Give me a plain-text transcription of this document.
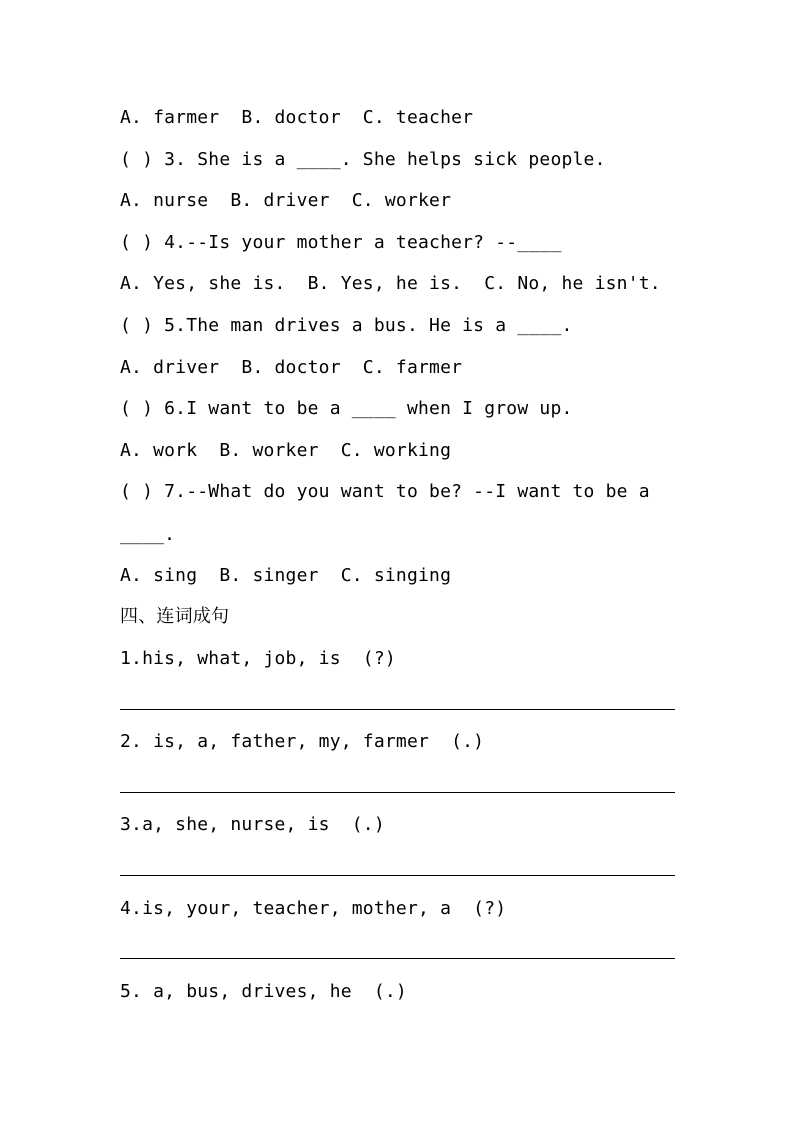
A. farmer  B. doctor  C. teacher
( ) 3. She is a ____. She helps sick people.
A. nurse  B. driver  C. worker
( ) 4.--Is your mother a teacher? --____
A. Yes, she is.  B. Yes, he is.  C. No, he isn't.
( ) 5.The man drives a bus. He is a ____.
A. driver  B. doctor  C. farmer
( ) 6.I want to be a ____ when I grow up.
A. work  B. worker  C. working
( ) 7.--What do you want to be? --I want to be a
____.
A. sing  B. singer  C. singing
四、连词成句
1.his, what, job, is  (?)
2. is, a, father, my, farmer  (.)
3.a, she, nurse, is  (.)
4.is, your, teacher, mother, a  (?)
5. a, bus, drives, he  (.)
